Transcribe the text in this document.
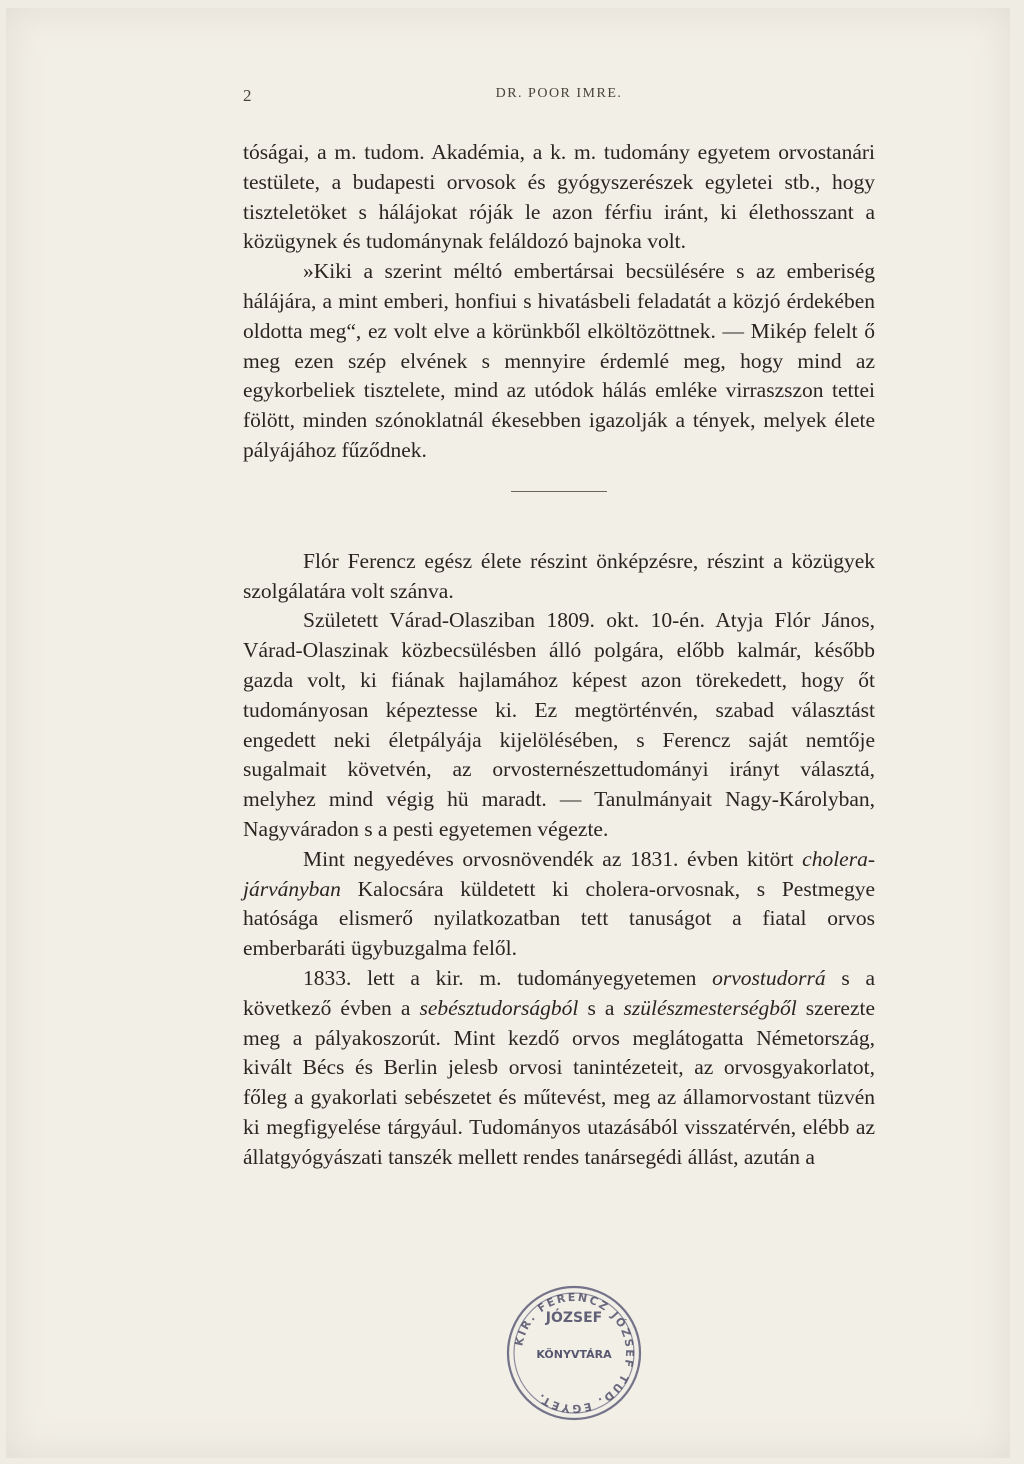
2	DR. POOR IMRE.

tóságai, a m. tudom. Akadémia, a k. m. tudomány egyetem orvostanári testülete, a budapesti orvosok és gyógyszerészek egyletei stb., hogy tiszteletöket s hálájokat róják le azon férfiu iránt, ki élethosszant a közügynek és tudománynak feláldozó bajnoka volt.

»Kiki a szerint méltó embertársai becsülésére s az emberiség hálájára, a mint emberi, honfiui s hivatásbeli feladatát a közjó érdekében oldotta meg“, ez volt elve a körünkből elköltözöttnek. — Mikép felelt ő meg ezen szép elvének s mennyire érdemlé meg, hogy mind az egykorbeliek tisztelete, mind az utódok hálás emléke virraszszon tettei fölött, minden szónoklatnál ékesebben igazolják a tények, melyek élete pályájához fűződnek.

Flór Ferencz egész élete részint önképzésre, részint a közügyek szolgálatára volt szánva.

Született Várad-Olasziban 1809. okt. 10-én. Atyja Flór János, Várad-Olaszinak közbecsülésben álló polgára, előbb kalmár, később gazda volt, ki fiának hajlamához képest azon törekedett, hogy őt tudományosan képeztesse ki. Ez megtörténvén, szabad választást engedett neki életpályája kijelölésében, s Ferencz saját nemtője sugalmait követvén, az orvosternészettudományi irányt választá, melyhez mind végig hü maradt. — Tanulmányait Nagy-Károlyban, Nagyváradon s a pesti egyetemen végezte.

Mint negyedéves orvosnövendék az 1831. évben kitört cholera-járványban Kalocsára küldetett ki cholera-orvosnak, s Pestmegye hatósága elismerő nyilatkozatban tett tanuságot a fiatal orvos emberbaráti ügybuzgalma felől.

1833. lett a kir. m. tudományegyetemen orvostudorrá s a következő évben a sebésztudorságból s a szülészmesterségből szerezte meg a pályakoszorút. Mint kezdő orvos meglátogatta Németország, kivált Bécs és Berlin jelesb orvosi tanintézeteit, az orvosgyakorlatot, főleg a gyakorlati sebészetet és műtevést, meg az államorvostant tüzvén ki megfigyelése tárgyául. Tudományos utazásából visszatérvén, elébb az állatgyógyászati tanszék mellett rendes tanársegédi állást, azután a

KIR. FERENCZ JÓZSEF TUD. EGYET.
JÓZSEF
KÖNYVTÁRA
